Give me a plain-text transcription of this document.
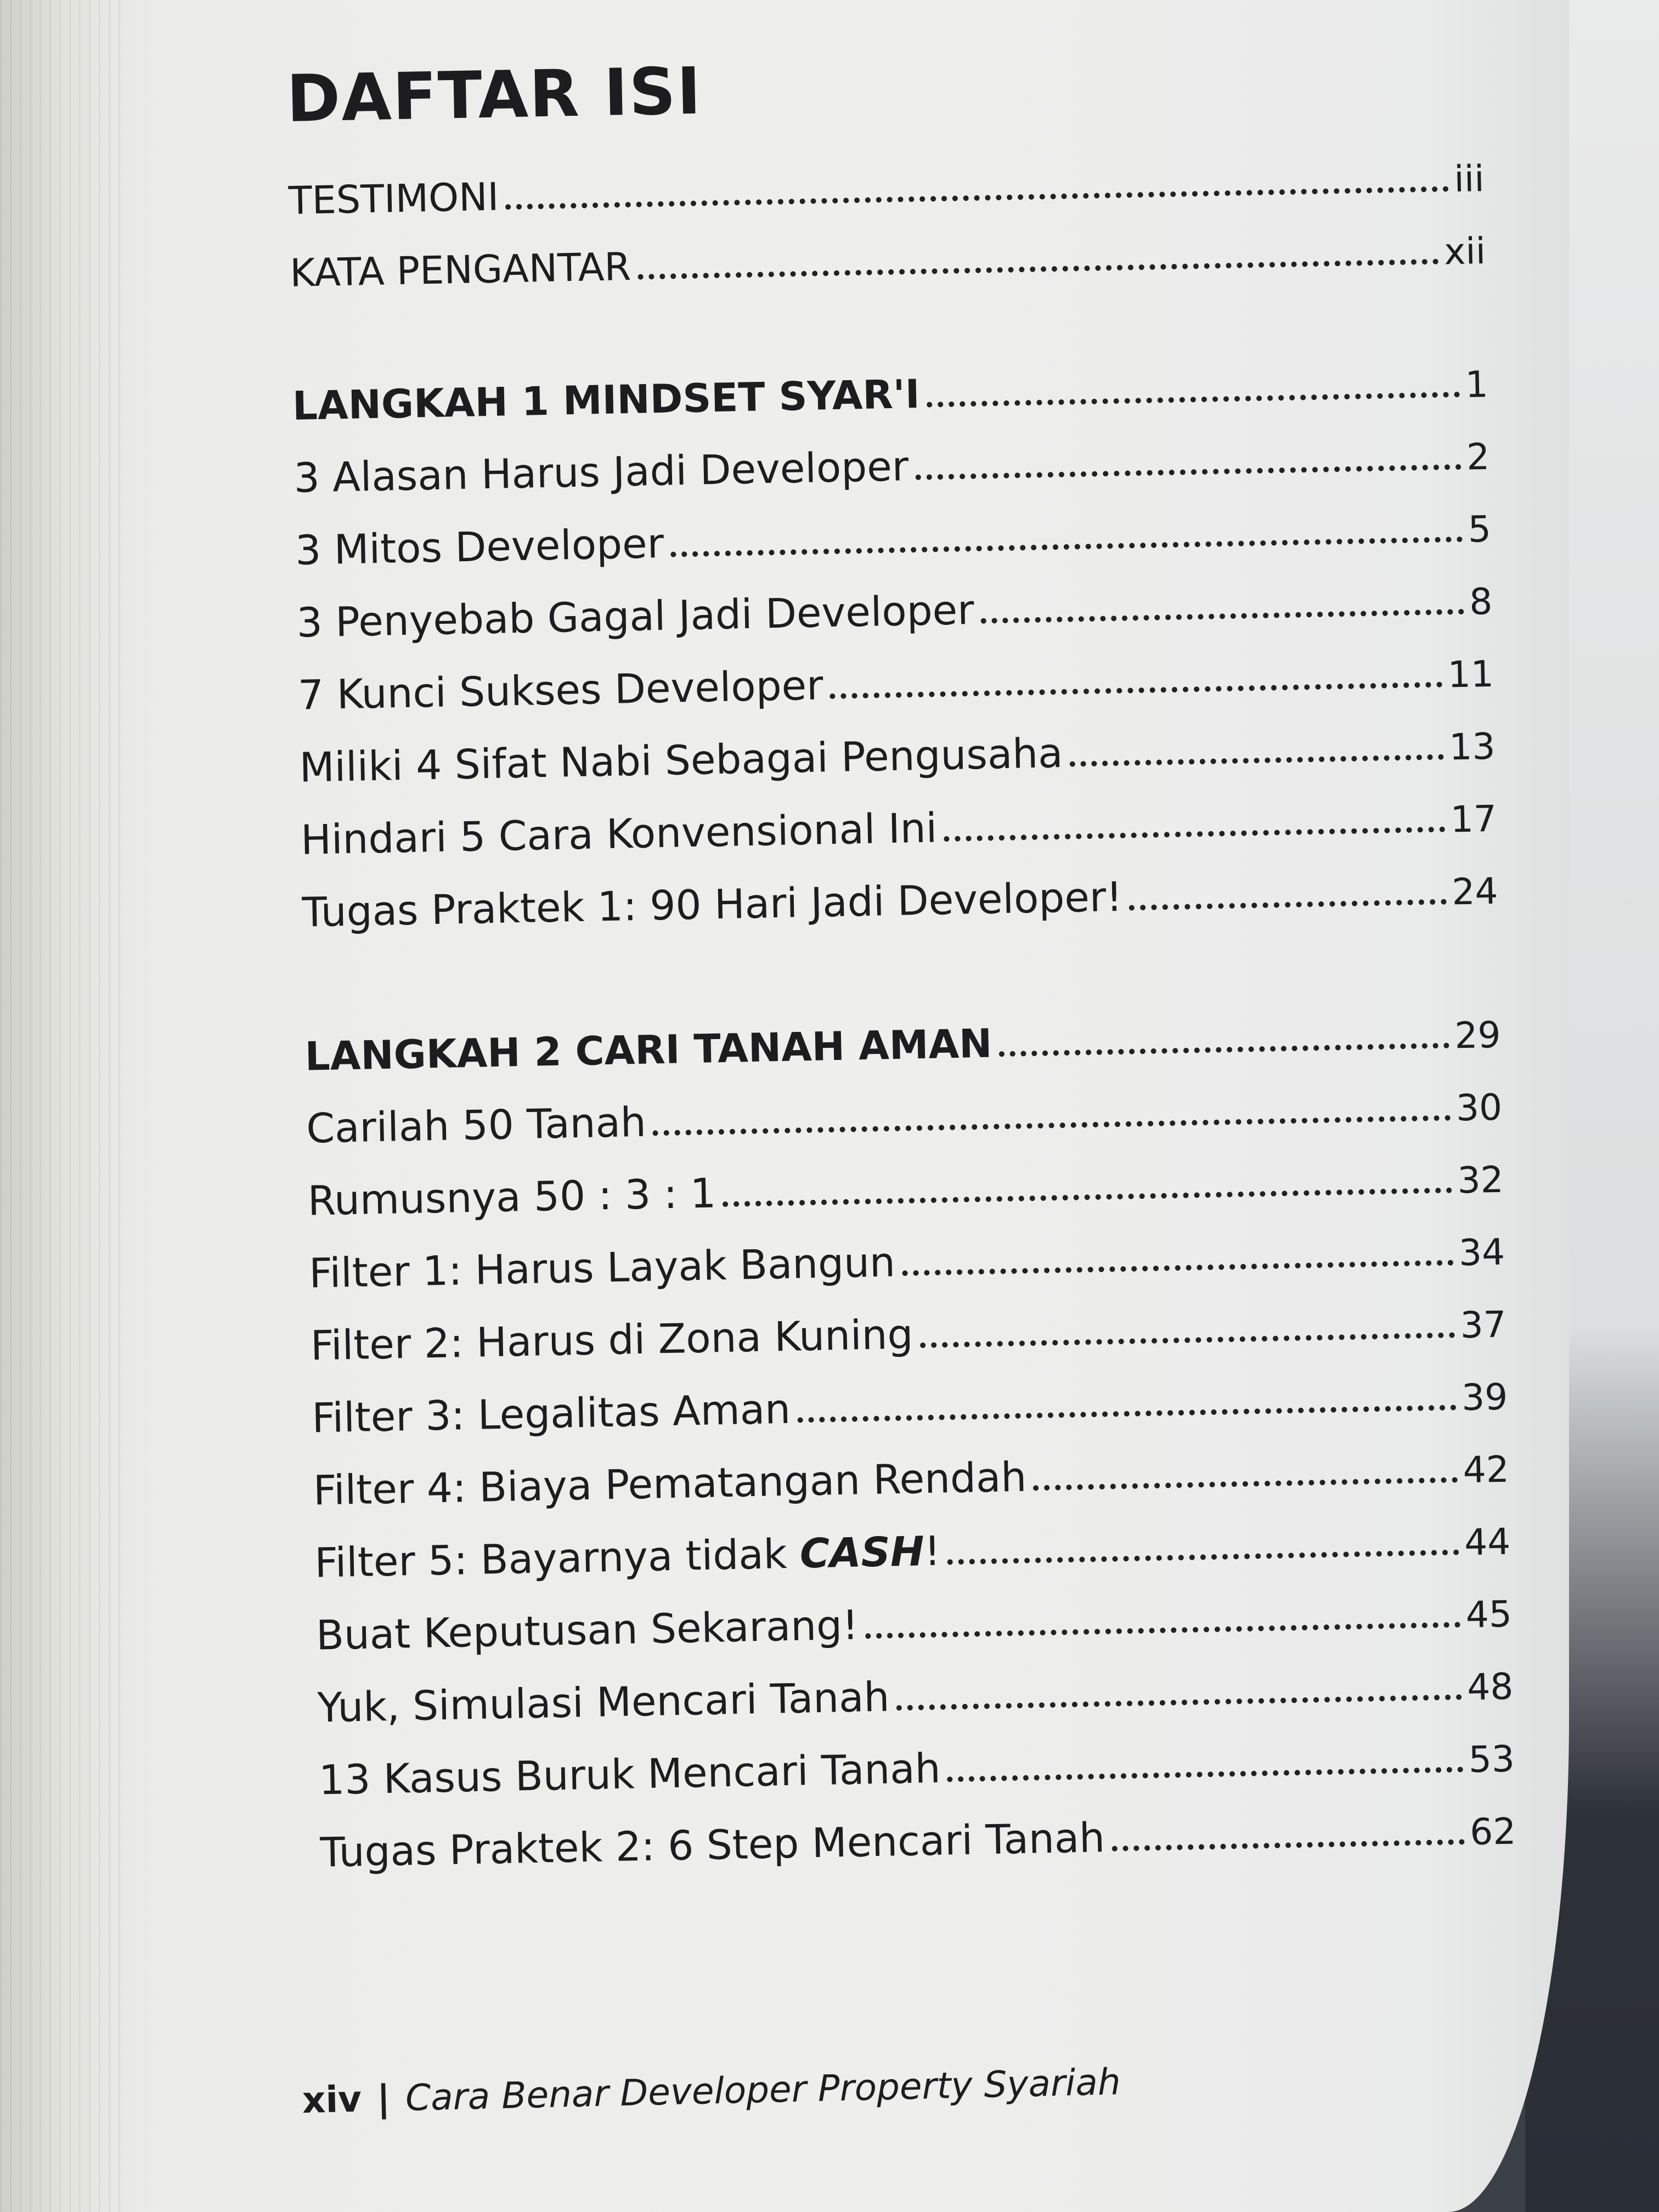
DAFTAR ISI
TESTIMONI	iii
KATA PENGANTAR	xii
LANGKAH 1 MINDSET SYAR'I	1
3 Alasan Harus Jadi Developer	2
3 Mitos Developer	5
3 Penyebab Gagal Jadi Developer	8
7 Kunci Sukses Developer	11
Miliki 4 Sifat Nabi Sebagai Pengusaha	13
Hindari 5 Cara Konvensional Ini	17
Tugas Praktek 1: 90 Hari Jadi Developer!	24
LANGKAH 2 CARI TANAH AMAN	29
Carilah 50 Tanah	30
Rumusnya 50 : 3 : 1	32
Filter 1: Harus Layak Bangun	34
Filter 2: Harus di Zona Kuning	37
Filter 3: Legalitas Aman	39
Filter 4: Biaya Pematangan Rendah	42
Filter 5: Bayarnya tidak CASH!	44
Buat Keputusan Sekarang!	45
Yuk, Simulasi Mencari Tanah	48
13 Kasus Buruk Mencari Tanah	53
Tugas Praktek 2: 6 Step Mencari Tanah	62
xiv | Cara Benar Developer Property Syariah
